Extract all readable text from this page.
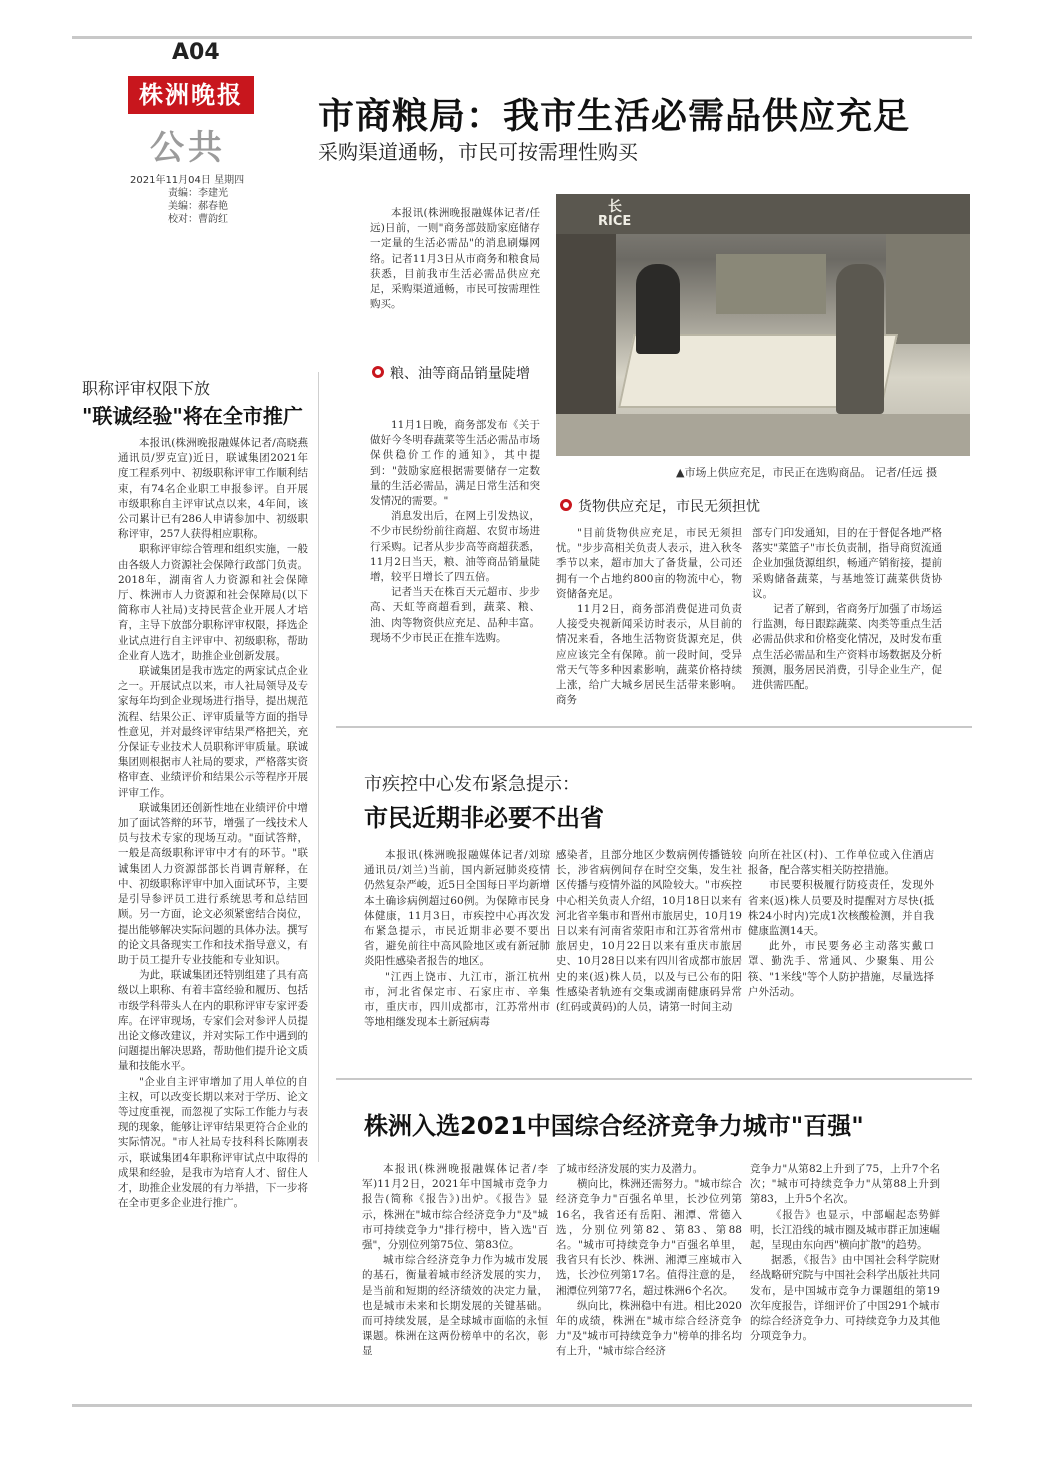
A04
株洲晚报
公共
2021年11月04日 星期四
责编：李建光
美编：郝春艳
校对：曹韵红
市商粮局：我市生活必需品供应充足
采购渠道通畅，市民可按需理性购买

本报讯(株洲晚报融媒体记者/任远)日前，一则"商务部鼓励家庭储存一定量的生活必需品"的消息刷爆网络。记者11月3日从市商务和粮食局获悉，目前我市生活必需品供应充足，采购渠道通畅，市民可按需理性购买。

RICE
长
▲市场上供应充足，市民正在选购商品。 记者/任远 摄
粮、油等商品销量陡增

11月1日晚，商务部发布《关于做好今冬明春蔬菜等生活必需品市场保供稳价工作的通知》，其中提到："鼓励家庭根据需要储存一定数量的生活必需品，满足日常生活和突发情况的需要。"

消息发出后，在网上引发热议，不少市民纷纷前往商超、农贸市场进行采购。记者从步步高等商超获悉，11月2日当天，粮、油等商品销量陡增，较平日增长了四五倍。

记者当天在株百天元超市、步步高、天虹等商超看到，蔬菜、粮、油、肉等物资供应充足、品种丰富。现场不少市民正在推车选购。

货物供应充足，市民无须担忧

"目前货物供应充足，市民无须担忧。"步步高相关负责人表示，进入秋冬季节以来，超市加大了备货量，公司还拥有一个占地约800亩的物流中心，物资储备充足。

11月2日，商务部消费促进司负责人接受央视新闻采访时表示，从目前的情况来看，各地生活物资货源充足，供应应该完全有保障。前一段时间，受异常天气等多种因素影响，蔬菜价格持续上涨，给广大城乡居民生活带来影响。商务

部专门印发通知，目的在于督促各地严格落实"菜篮子"市长负责制，指导商贸流通企业加强货源组织，畅通产销衔接，提前采购储备蔬菜，与基地签订蔬菜供货协议。

记者了解到，省商务厅加强了市场运行监测，每日跟踪蔬菜、肉类等重点生活必需品供求和价格变化情况，及时发布重点生活必需品和生产资料市场数据及分析预测，服务居民消费，引导企业生产，促进供需匹配。

职称评审权限下放
"联诚经验"将在全市推广

本报讯(株洲晚报融媒体记者/高晓燕 通讯员/罗克宣)近日，联诚集团2021年度工程系列中、初级职称评审工作顺利结束，有74名企业职工申报参评。自开展市级职称自主评审试点以来，4年间，该公司累计已有286人申请参加中、初级职称评审，257人获得相应职称。

职称评审综合管理和组织实施，一般由各级人力资源社会保障行政部门负责。2018年，湖南省人力资源和社会保障厅、株洲市人力资源和社会保障局(以下简称市人社局)支持民营企业开展人才培育，主导下放部分职称评审权限，择选企业试点进行自主评审中、初级职称，帮助企业育人选才，助推企业创新发展。

联诚集团是我市选定的两家试点企业之一。开展试点以来，市人社局领导及专家每年均到企业现场进行指导，提出规范流程、结果公正、评审质量等方面的指导性意见，并对最终评审结果严格把关，充分保证专业技术人员职称评审质量。联诚集团则根据市人社局的要求，严格落实资格审查、业绩评价和结果公示等程序开展评审工作。

联诚集团还创新性地在业绩评价中增加了面试答辩的环节，增强了一线技术人员与技术专家的现场互动。"面试答辩，一般是高级职称评审中才有的环节。"联诚集团人力资源部部长肖调青解释，在中、初级职称评审中加入面试环节，主要是引导参评员工进行系统思考和总结回顾。另一方面，论文必须紧密结合岗位，提出能够解决实际问题的具体办法。撰写的论文具备现实工作和技术指导意义，有助于员工提升专业技能和专业知识。

为此，联诚集团还特别组建了具有高级以上职称、有着丰富经验和履历、包括市级学科带头人在内的职称评审专家评委库。在评审现场，专家们会对参评人员提出论文修改建议，并对实际工作中遇到的问题提出解决思路，帮助他们提升论文质量和技能水平。

"企业自主评审增加了用人单位的自主权，可以改变长期以来对于学历、论文等过度重视，而忽视了实际工作能力与表现的现象，能够让评审结果更符合企业的实际情况。"市人社局专技科科长陈刚表示，联诚集团4年职称评审试点中取得的成果和经验，是我市为培育人才、留住人才，助推企业发展的有力举措，下一步将在全市更多企业进行推广。

市疾控中心发布紧急提示：
市民近期非必要不出省

本报讯(株洲晚报融媒体记者/刘琼 通讯员/刘兰)当前，国内新冠肺炎疫情仍然复杂严峻，近5日全国每日平均新增本土确诊病例超过60例。为保障市民身体健康，11月3日，市疾控中心再次发布紧急提示，市民近期非必要不要出省，避免前往中高风险地区或有新冠肺炎阳性感染者报告的地区。

"江西上饶市、九江市，浙江杭州市，河北省保定市、石家庄市、辛集市，重庆市，四川成都市，江苏常州市等地相继发现本土新冠病毒

感染者，且部分地区少数病例传播链较长，涉省病例间存在时空交集，发生社区传播与疫情外溢的风险较大。"市疾控中心相关负责人介绍，10月18日以来有河北省辛集市和晋州市旅居史，10月19日以来有河南省荥阳市和江苏省常州市旅居史，10月22日以来有重庆市旅居史、10月28日以来有四川省成都市旅居史的来(返)株人员，以及与已公布的阳性感染者轨迹有交集或湖南健康码异常(红码或黄码)的人员，请第一时间主动

向所在社区(村)、工作单位或入住酒店报备，配合落实相关防控措施。

市民要积极履行防疫责任，发现外省来(返)株人员要及时提醒对方尽快(抵株24小时内)完成1次核酸检测，并自我健康监测14天。

此外，市民要务必主动落实戴口罩、勤洗手、常通风、少聚集、用公筷、"1米线"等个人防护措施，尽量选择户外活动。

株洲入选2021中国综合经济竞争力城市"百强"

本报讯(株洲晚报融媒体记者/李军)11月2日，2021年中国城市竞争力报告(简称《报告》)出炉。《报告》显示，株洲在"城市综合经济竞争力"及"城市可持续竞争力"排行榜中，皆入选"百强"，分别位列第75位、第83位。

城市综合经济竞争力作为城市发展的基石，衡量着城市经济发展的实力，是当前和短期的经济绩效的决定力量，也是城市未来和长期发展的关键基础。而可持续发展，是全球城市面临的永恒课题。株洲在这两份榜单中的名次，彰显

了城市经济发展的实力及潜力。

横向比，株洲还需努力。"城市综合经济竞争力"百强名单里，长沙位列第16名，我省还有岳阳、湘潭、常德入选，分别位列第82、第83、第88名。"城市可持续竞争力"百强名单里，我省只有长沙、株洲、湘潭三座城市入选，长沙位列第17名。值得注意的是，湘潭位列第77名，超过株洲6个名次。

纵向比，株洲稳中有进。相比2020年的成绩，株洲在"城市综合经济竞争力"及"城市可持续竞争力"榜单的排名均有上升，"城市综合经济

竞争力"从第82上升到了75，上升7个名次；"城市可持续竞争力"从第88上升到第83，上升5个名次。

《报告》也显示，中部崛起态势鲜明，长江沿线的城市圈及城市群正加速崛起，呈现由东向西"横向扩散"的趋势。

据悉，《报告》由中国社会科学院财经战略研究院与中国社会科学出版社共同发布，是中国城市竞争力课题组的第19次年度报告，详细评价了中国291个城市的综合经济竞争力、可持续竞争力及其他分项竞争力。
